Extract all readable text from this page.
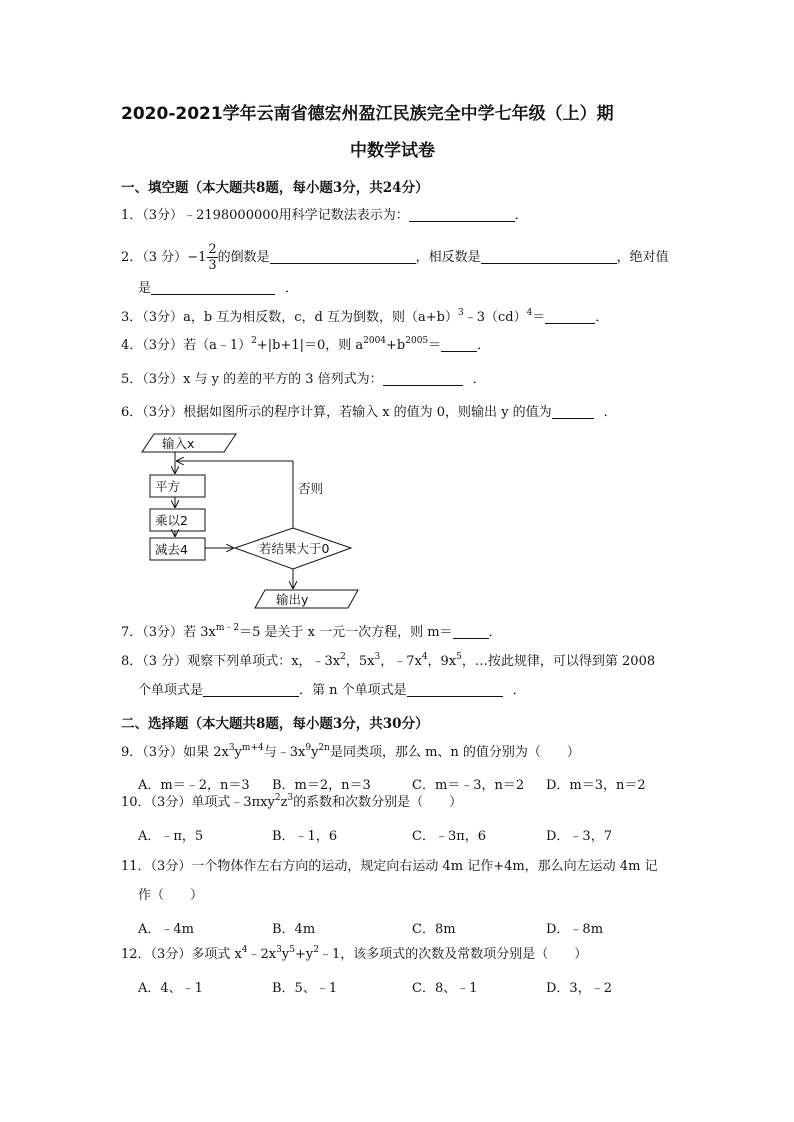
2020-2021学年云南省德宏州盈江民族完全中学七年级（上）期
中数学试卷
一、填空题（本大题共8题，每小题3分，共24分）
1．（3分）﹣2198000000用科学记数法表示为：	．
2．（3 分）$-1 \frac{2}{3}$ 的倒数是	，相反数是	，绝对值
是	．
3．（3分）a，b 互为相反数，c，d 互为倒数，则$(a+b)^3﹣3(cd)^4=$	．
4．（3分）若（a﹣1）$^2$+|b+1|＝0，则 $a^{2004}+b^{2005}=$	．
5．（3分）x 与 y 的差的平方的 3 倍列式为：	．
6．（3分）根据如图所示的程序计算，若输入 x 的值为 0，则输出 y 的值为	．
输入x
否则
平方
乘以2
减去4	若结果大于0
输出y
7．（3分）若 $3x^{m﹣2}=5$ 是关于 x 一元一次方程，则 m＝	．
8．（3 分）观察下列单项式：x，$﹣3x^2$，$5x^3$，$﹣7x^4$，$9x^5$，…按此规律，可以得到第 2008
个单项式是	．第 n 个单项式是	．
二、选择题（本大题共8题，每小题3分，共30分）
9．（3分）如果 $2x^3y^{m+4}$与$﹣3x^9y^{2n}$是同类项，那么 m、n 的值分别为（　　）
A．m＝﹣2，n＝3 B．m＝2，n＝3	C．m＝﹣3，n＝2 D．m＝3，n＝2
10．（3分）单项式$﹣3\pi xy^2z^3$的系数和次数分别是（　　）
A．﹣π，5	B．﹣1，6	C．﹣3π，6	D．﹣3，7
11．（3分）一个物体作左右方向的运动，规定向右运动 4m 记作+4m，那么向左运动 4m 记
作（　　）
A．﹣4m	B．4m	C．8m	D．﹣8m
12．（3分）多项式 $x^4﹣2x^3y^5+y^2﹣1$，该多项式的次数及常数项分别是（　　）
A．4、﹣1	B．5、﹣1	C．8、﹣1	D．3，﹣2
